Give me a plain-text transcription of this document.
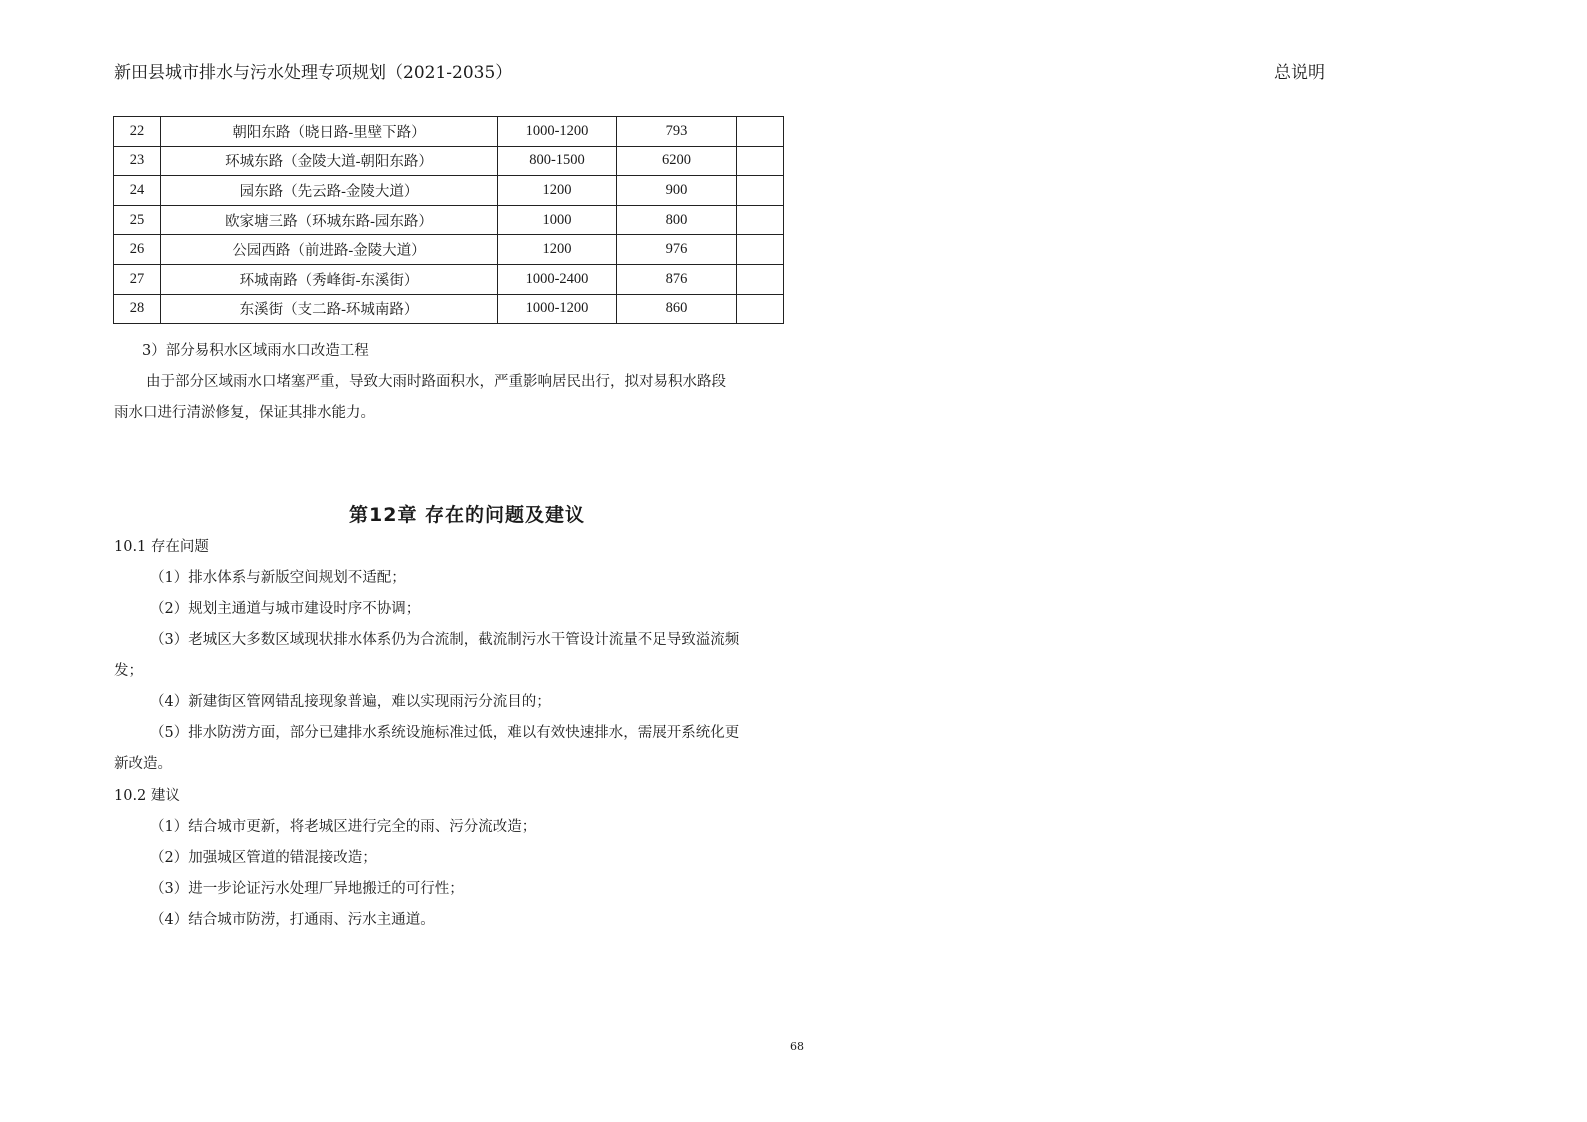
新田县城市排水与污水处理专项规划（2021-2035）	总说明
22	朝阳东路（晓日路-里壁下路）	1000-1200	793	
23	环城东路（金陵大道-朝阳东路）	800-1500	6200	
24	园东路（先云路-金陵大道）	1200	900	
25	欧家塘三路（环城东路-园东路）	1000	800	
26	公园西路（前进路-金陵大道）	1200	976	
27	环城南路（秀峰街-东溪街）	1000-2400	876	
28	东溪街（支二路-环城南路）	1000-1200	860	
3）部分易积水区域雨水口改造工程
由于部分区域雨水口堵塞严重，导致大雨时路面积水，严重影响居民出行，拟对易积水路段
雨水口进行清淤修复，保证其排水能力。
第12章 存在的问题及建议
10.1 存在问题
（1）排水体系与新版空间规划不适配；
（2）规划主通道与城市建设时序不协调；
（3）老城区大多数区域现状排水体系仍为合流制，截流制污水干管设计流量不足导致溢流频
发；
（4）新建街区管网错乱接现象普遍，难以实现雨污分流目的；
（5）排水防涝方面，部分已建排水系统设施标准过低，难以有效快速排水，需展开系统化更
新改造。
10.2 建议
（1）结合城市更新，将老城区进行完全的雨、污分流改造；
（2）加强城区管道的错混接改造；
（3）进一步论证污水处理厂异地搬迁的可行性；
（4）结合城市防涝，打通雨、污水主通道。
68
